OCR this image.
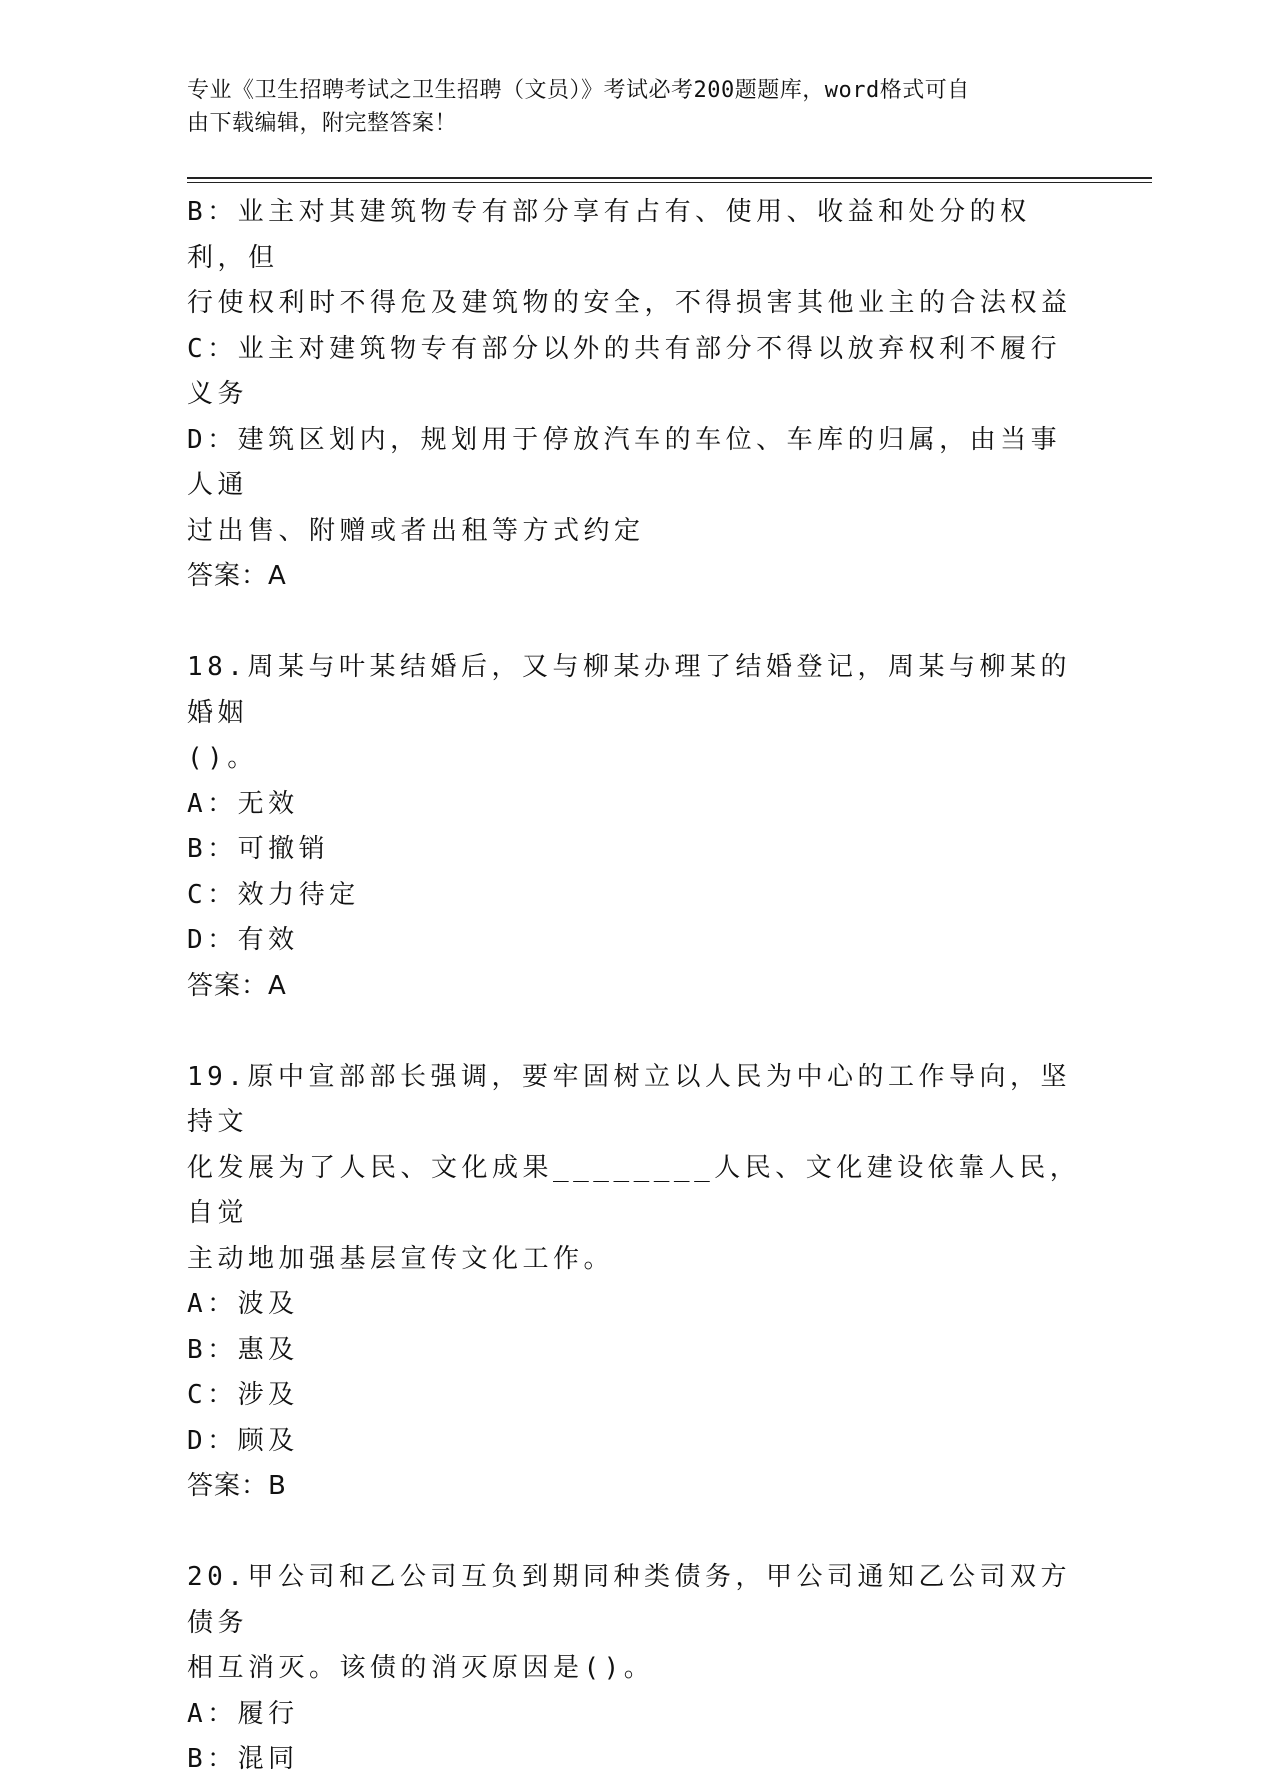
专业《卫生招聘考试之卫生招聘（文员）》考试必考200题题库，word格式可自
由下载编辑，附完整答案！
B：业主对其建筑物专有部分享有占有、使用、收益和处分的权利，但
行使权利时不得危及建筑物的安全，不得损害其他业主的合法权益
C：业主对建筑物专有部分以外的共有部分不得以放弃权利不履行义务
D：建筑区划内，规划用于停放汽车的车位、车库的归属，由当事人通
过出售、附赠或者出租等方式约定
答案：A
18.周某与叶某结婚后，又与柳某办理了结婚登记，周某与柳某的婚姻
()。
A：无效
B：可撤销
C：效力待定
D：有效
答案：A
19.原中宣部部长强调，要牢固树立以人民为中心的工作导向，坚持文
化发展为了人民、文化成果________人民、文化建设依靠人民，自觉
主动地加强基层宣传文化工作。
A：波及
B：惠及
C：涉及
D：顾及
答案：B
20.甲公司和乙公司互负到期同种类债务，甲公司通知乙公司双方债务
相互消灭。该债的消灭原因是()。
A：履行
B：混同
